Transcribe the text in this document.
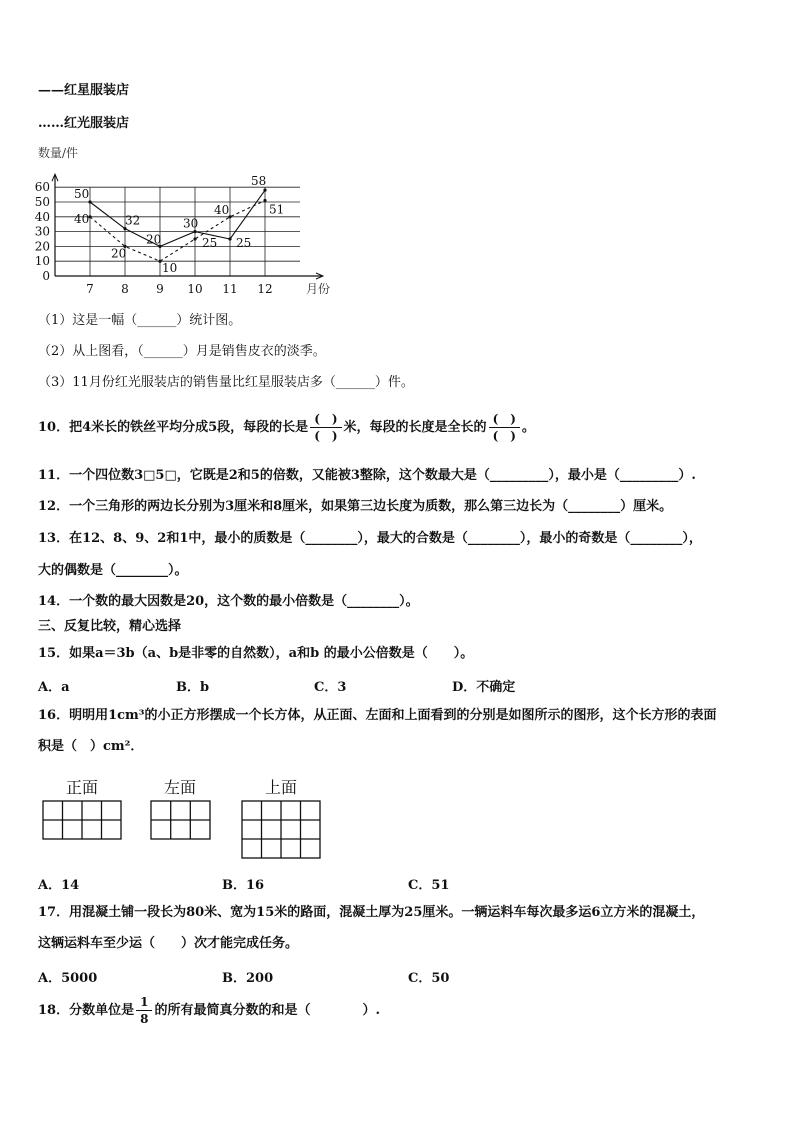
——红星服装店
……红光服装店
数量/件
0
10
20
30
40
50
60
7 8 9 10 11 12	月份
50
32
20
30
25
58
40
20
10
25
40	51
（1）这是一幅（______）统计图。
（2）从上图看，（______）月是销售皮衣的淡季。
（3）11月份红光服装店的销售量比红星服装店多（______）件。
10．把4米长的铁丝平均分成5段，每段的长是 $\frac{( )}{( )}$ 米，每段的长度是全长的 $\frac{( )}{( )}$ 。
11．一个四位数3□5□，它既是2和5的倍数，又能被3整除，这个数最大是（_________），最小是（_________）.
12．一个三角形的两边长分别为3厘米和8厘米，如果第三边长度为质数，那么第三边长为（________）厘米。
13．在12、8、9、2和1中，最小的质数是（________），最大的合数是（________），最小的奇数是（________），
大的偶数是（________）。
14．一个数的最大因数是20，这个数的最小倍数是（________）。
三、反复比较，精心选择
15．如果a＝3b（a、b是非零的自然数），a和b 的最小公倍数是（　　）。
A．a	B．b	C．3	D．不确定
16．明明用1cm³的小正方形摆成一个长方体，从正面、左面和上面看到的分别是如图所示的图形，这个长方形的表面
积是（　）cm²．
正面	左面	上面
A．14	B．16	C．51
17．用混凝土铺一段长为80米、宽为15米的路面，混凝土厚为25厘米。一辆运料车每次最多运6立方米的混凝土，
这辆运料车至少运（　　）次才能完成任务。
A．5000	B．200	C．50
18．分数单位是 $\frac{1}{8}$ 的所有最简真分数的和是（　　　　）.
